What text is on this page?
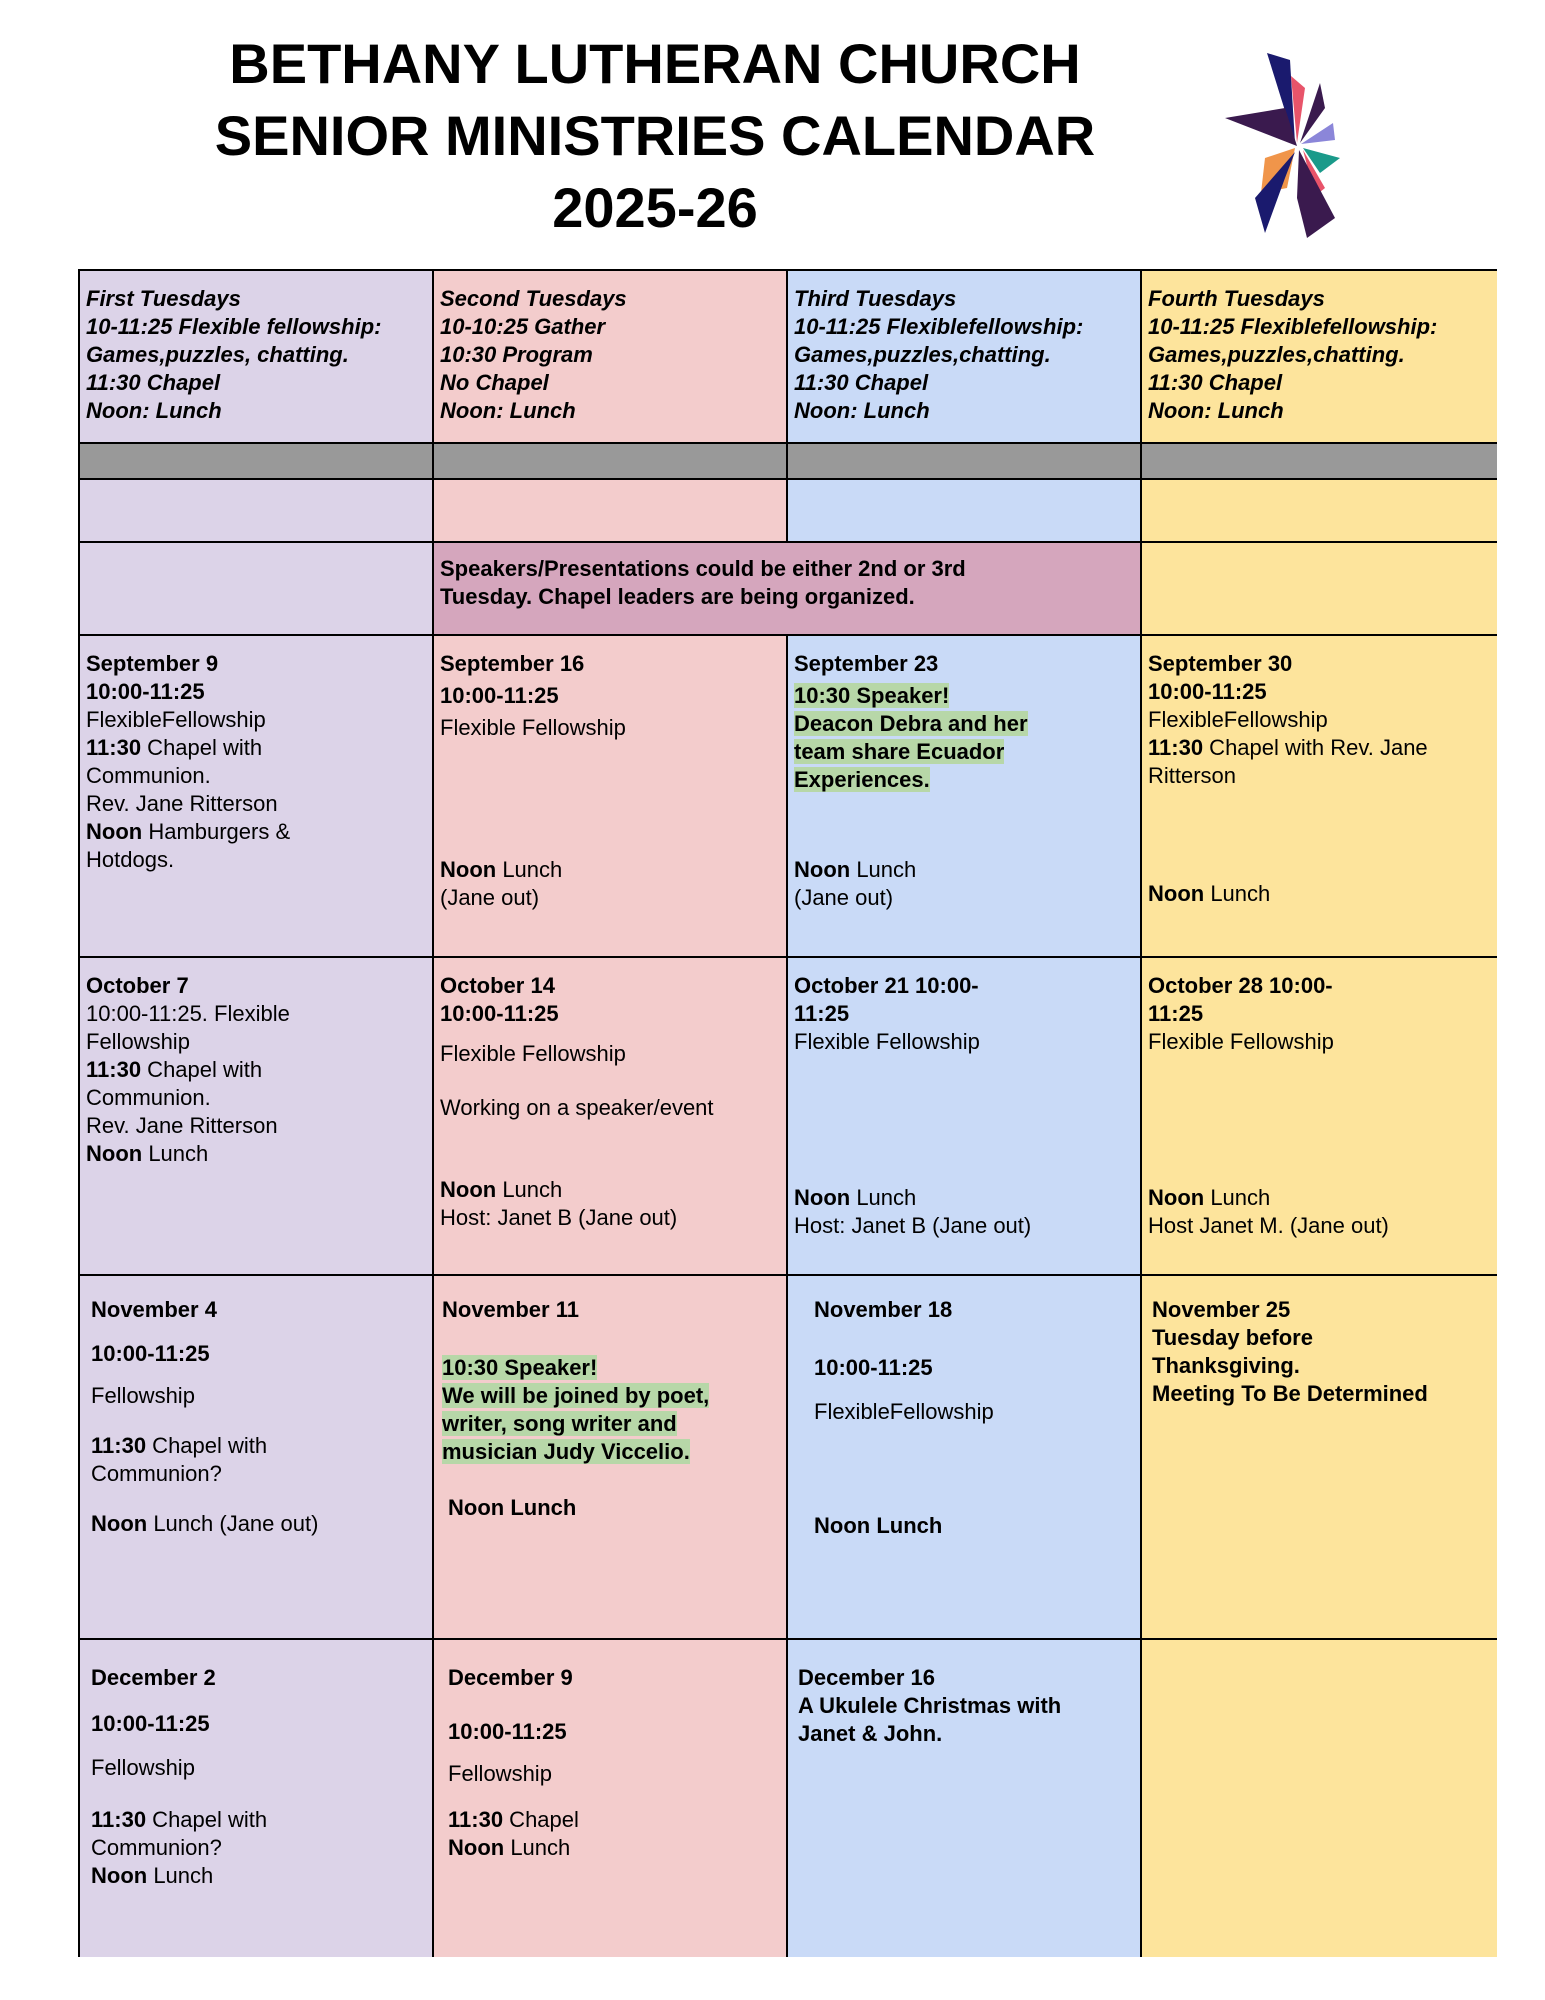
BETHANY LUTHERAN CHURCH
SENIOR MINISTRIES CALENDAR
2025-26
First Tuesdays
10-11:25 Flexible fellowship:
Games,puzzles, chatting.
11:30 Chapel
Noon: Lunch
Second Tuesdays
10-10:25 Gather
10:30 Program
No Chapel
Noon: Lunch
Third Tuesdays
10-11:25 Flexiblefellowship:
Games,puzzles,chatting.
11:30 Chapel
Noon: Lunch
Fourth Tuesdays
10-11:25 Flexiblefellowship:
Games,puzzles,chatting.
11:30 Chapel
Noon: Lunch
Speakers/Presentations could be either 2nd or 3rd
Tuesday. Chapel leaders are being organized.
September 9
10:00-11:25
FlexibleFellowship
11:30 Chapel with
Communion.
Rev. Jane Ritterson
Noon Hamburgers &
Hotdogs.
September 16
10:00-11:25
Flexible Fellowship
Noon Lunch
(Jane out)
September 23
10:30 Speaker!
Deacon Debra and her
team share Ecuador
Experiences.
Noon Lunch
(Jane out)
September 30
10:00-11:25
FlexibleFellowship
11:30 Chapel with Rev. Jane
Ritterson
Noon Lunch
October 7
10:00-11:25. Flexible
Fellowship
11:30 Chapel with
Communion.
Rev. Jane Ritterson
Noon Lunch
October 14
10:00-11:25
Flexible Fellowship
Working on a speaker/event
Noon Lunch
Host: Janet B (Jane out)
October 21 10:00-
11:25
Flexible Fellowship
Noon Lunch
Host: Janet B (Jane out)
October 28 10:00-
11:25
Flexible Fellowship
Noon Lunch
Host Janet M. (Jane out)
November 4
10:00-11:25
Fellowship
11:30 Chapel with
Communion?
Noon Lunch (Jane out)
November 11
10:30 Speaker!
We will be joined by poet,
writer, song writer and
musician Judy Viccelio.
Noon Lunch
November 18
10:00-11:25
FlexibleFellowship
Noon Lunch
November 25
Tuesday before
Thanksgiving.
Meeting To Be Determined
December 2
10:00-11:25
Fellowship
11:30 Chapel with
Communion?
Noon Lunch
December 9
10:00-11:25
Fellowship
11:30 Chapel
Noon Lunch
December 16
A Ukulele Christmas with
Janet & John.
